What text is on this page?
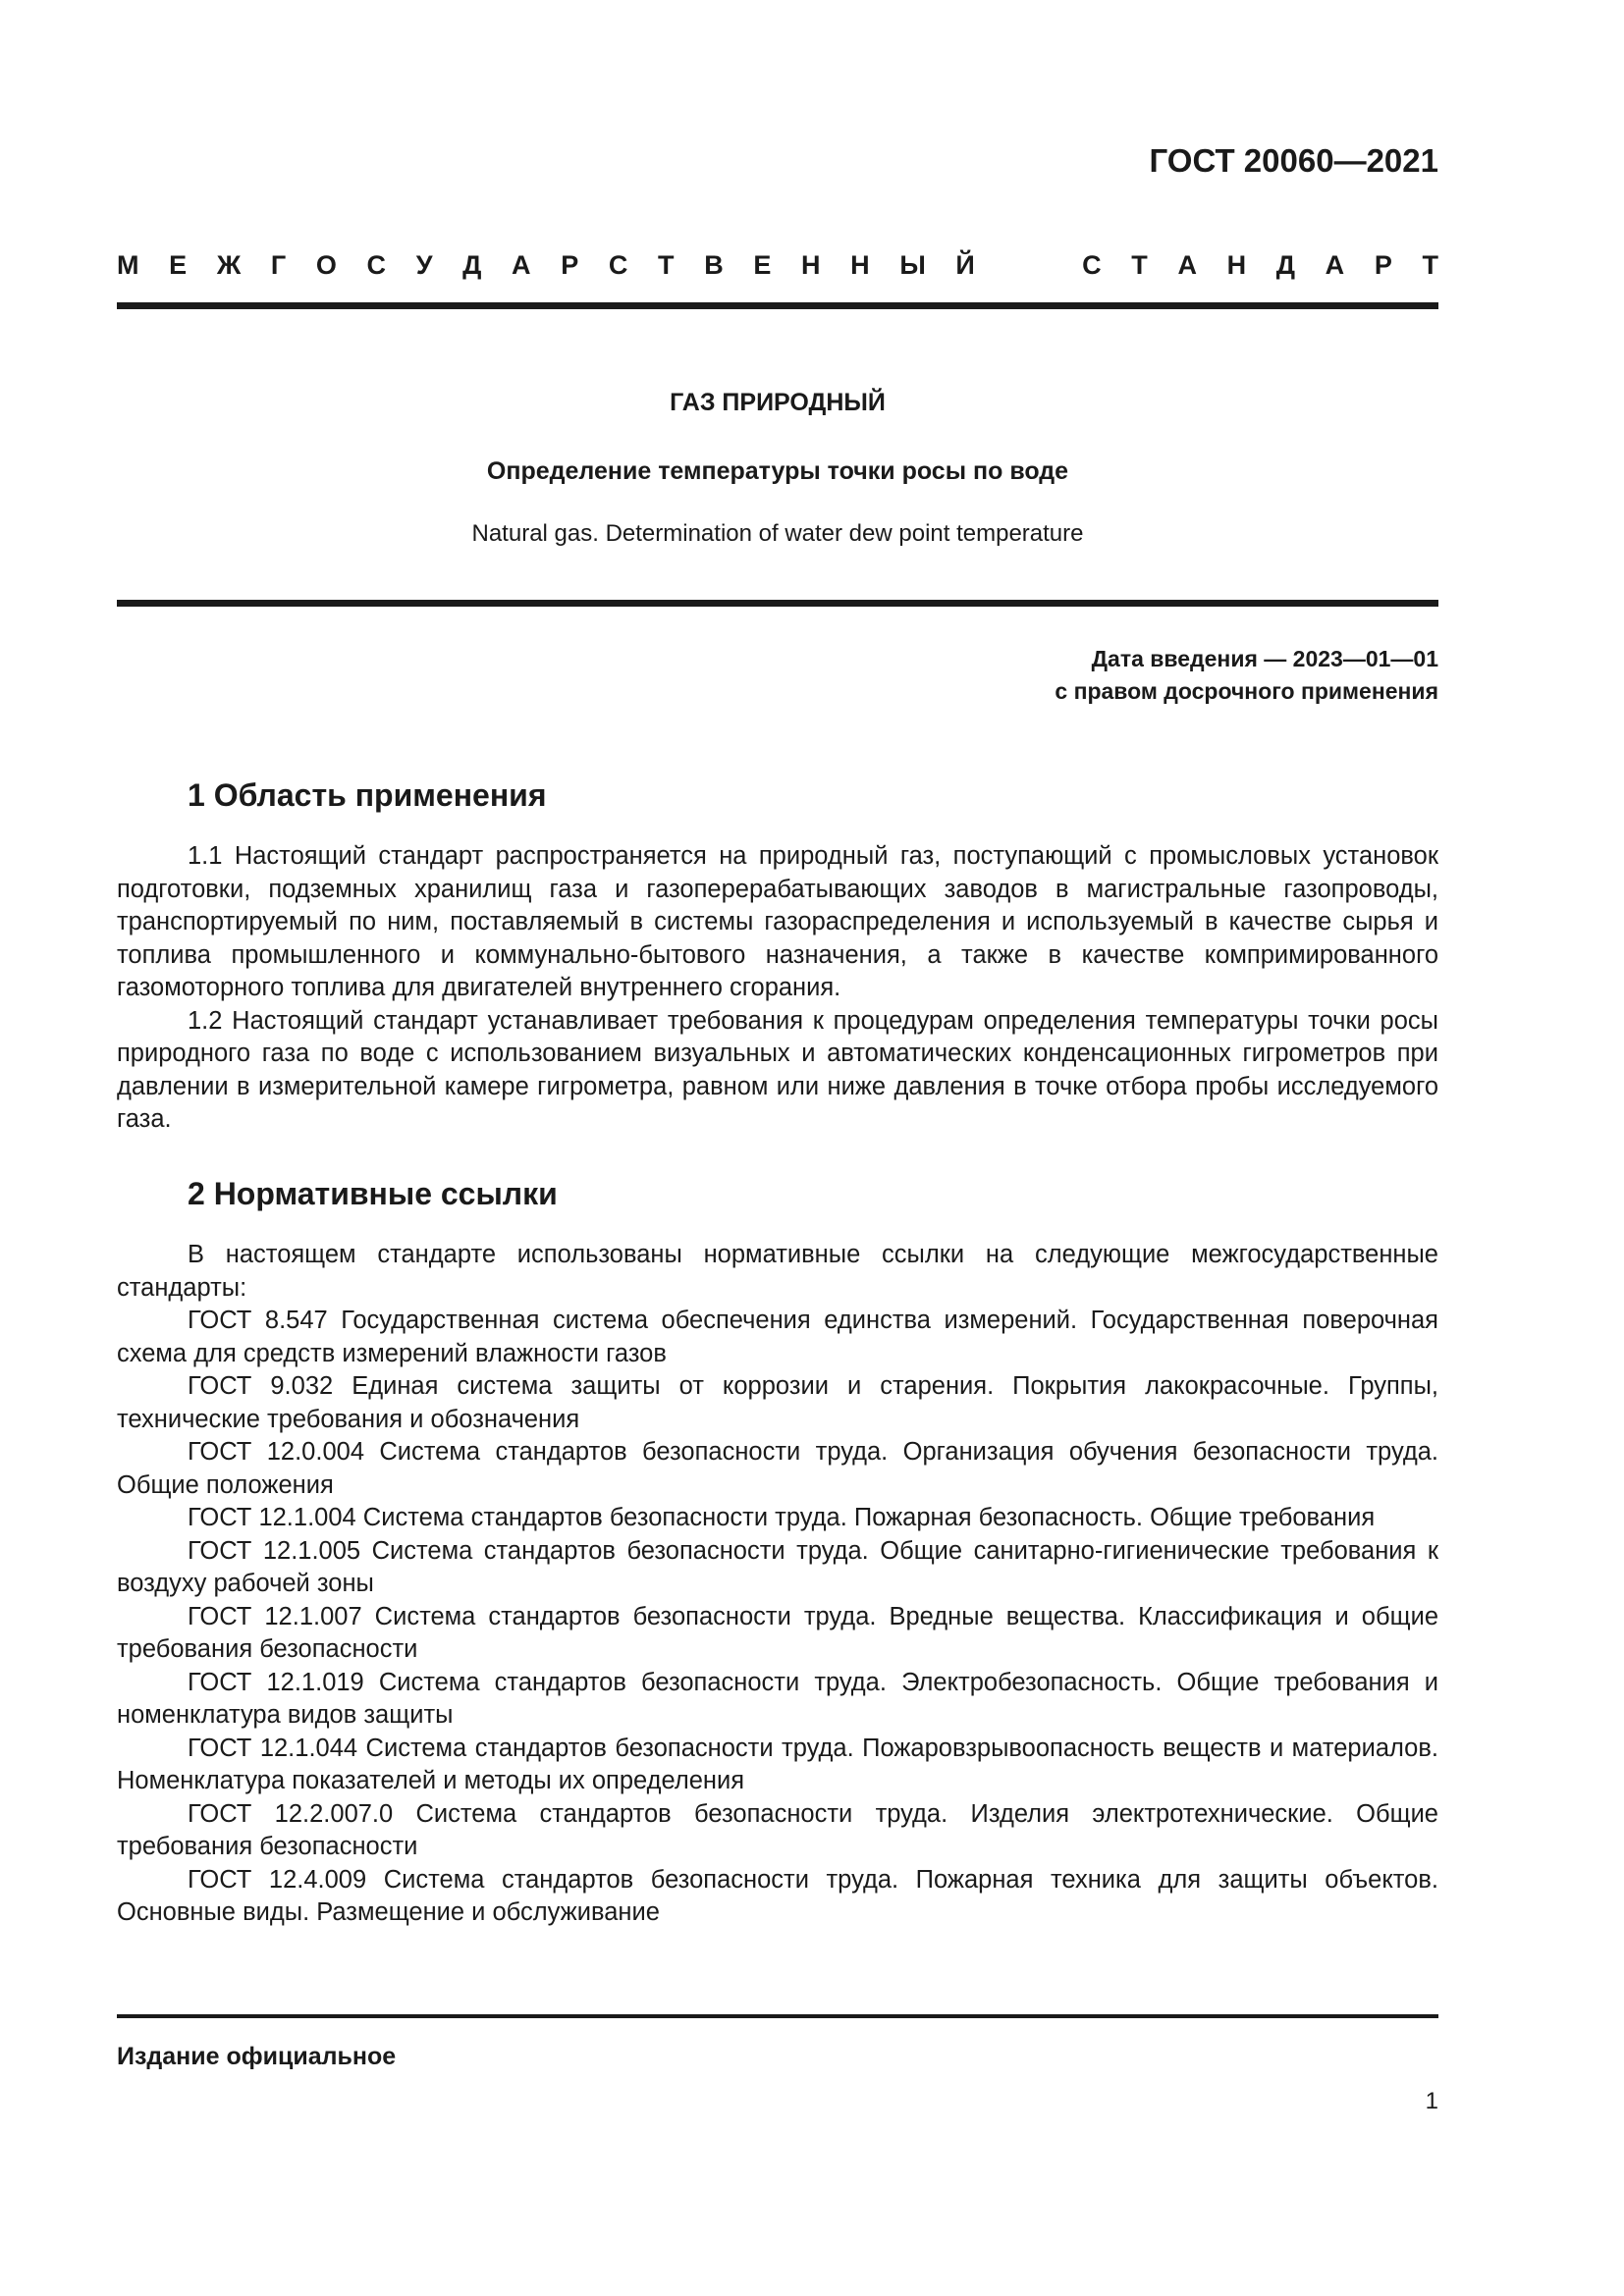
ГОСТ 20060—2021
М Е Ж Г О С У Д А Р С Т В Е Н Н Ы Й	С Т А Н Д А Р Т
ГАЗ ПРИРОДНЫЙ
Определение температуры точки росы по воде
Natural gas. Determination of water dew point temperature
Дата введения — 2023—01—01
с правом досрочного применения
1 Область применения

1.1 Настоящий стандарт распространяется на природный газ, поступающий с промысловых установок подготовки, подземных хранилищ газа и газоперерабатывающих заводов в магистральные газопроводы, транспортируемый по ним, поставляемый в системы газораспределения и используемый в качестве сырья и топлива промышленного и коммунально-бытового назначения, а также в качестве компримированного газомоторного топлива для двигателей внутреннего сгорания.

1.2 Настоящий стандарт устанавливает требования к процедурам определения температуры точки росы природного газа по воде с использованием визуальных и автоматических конденсационных гигрометров при давлении в измерительной камере гигрометра, равном или ниже давления в точке отбора пробы исследуемого газа.

2 Нормативные ссылки

В настоящем стандарте использованы нормативные ссылки на следующие межгосударственные стандарты:

ГОСТ 8.547 Государственная система обеспечения единства измерений. Государственная поверочная схема для средств измерений влажности газов

ГОСТ 9.032 Единая система защиты от коррозии и старения. Покрытия лакокрасочные. Группы, технические требования и обозначения

ГОСТ 12.0.004 Система стандартов безопасности труда. Организация обучения безопасности труда. Общие положения

ГОСТ 12.1.004 Система стандартов безопасности труда. Пожарная безопасность. Общие требования

ГОСТ 12.1.005 Система стандартов безопасности труда. Общие санитарно-гигиенические требования к воздуху рабочей зоны

ГОСТ 12.1.007 Система стандартов безопасности труда. Вредные вещества. Классификация и общие требования безопасности

ГОСТ 12.1.019 Система стандартов безопасности труда. Электробезопасность. Общие требования и номенклатура видов защиты

ГОСТ 12.1.044 Система стандартов безопасности труда. Пожаровзрывоопасность веществ и материалов. Номенклатура показателей и методы их определения

ГОСТ 12.2.007.0 Система стандартов безопасности труда. Изделия электротехнические. Общие требования безопасности

ГОСТ 12.4.009 Система стандартов безопасности труда. Пожарная техника для защиты объектов. Основные виды. Размещение и обслуживание

Издание официальное
1
